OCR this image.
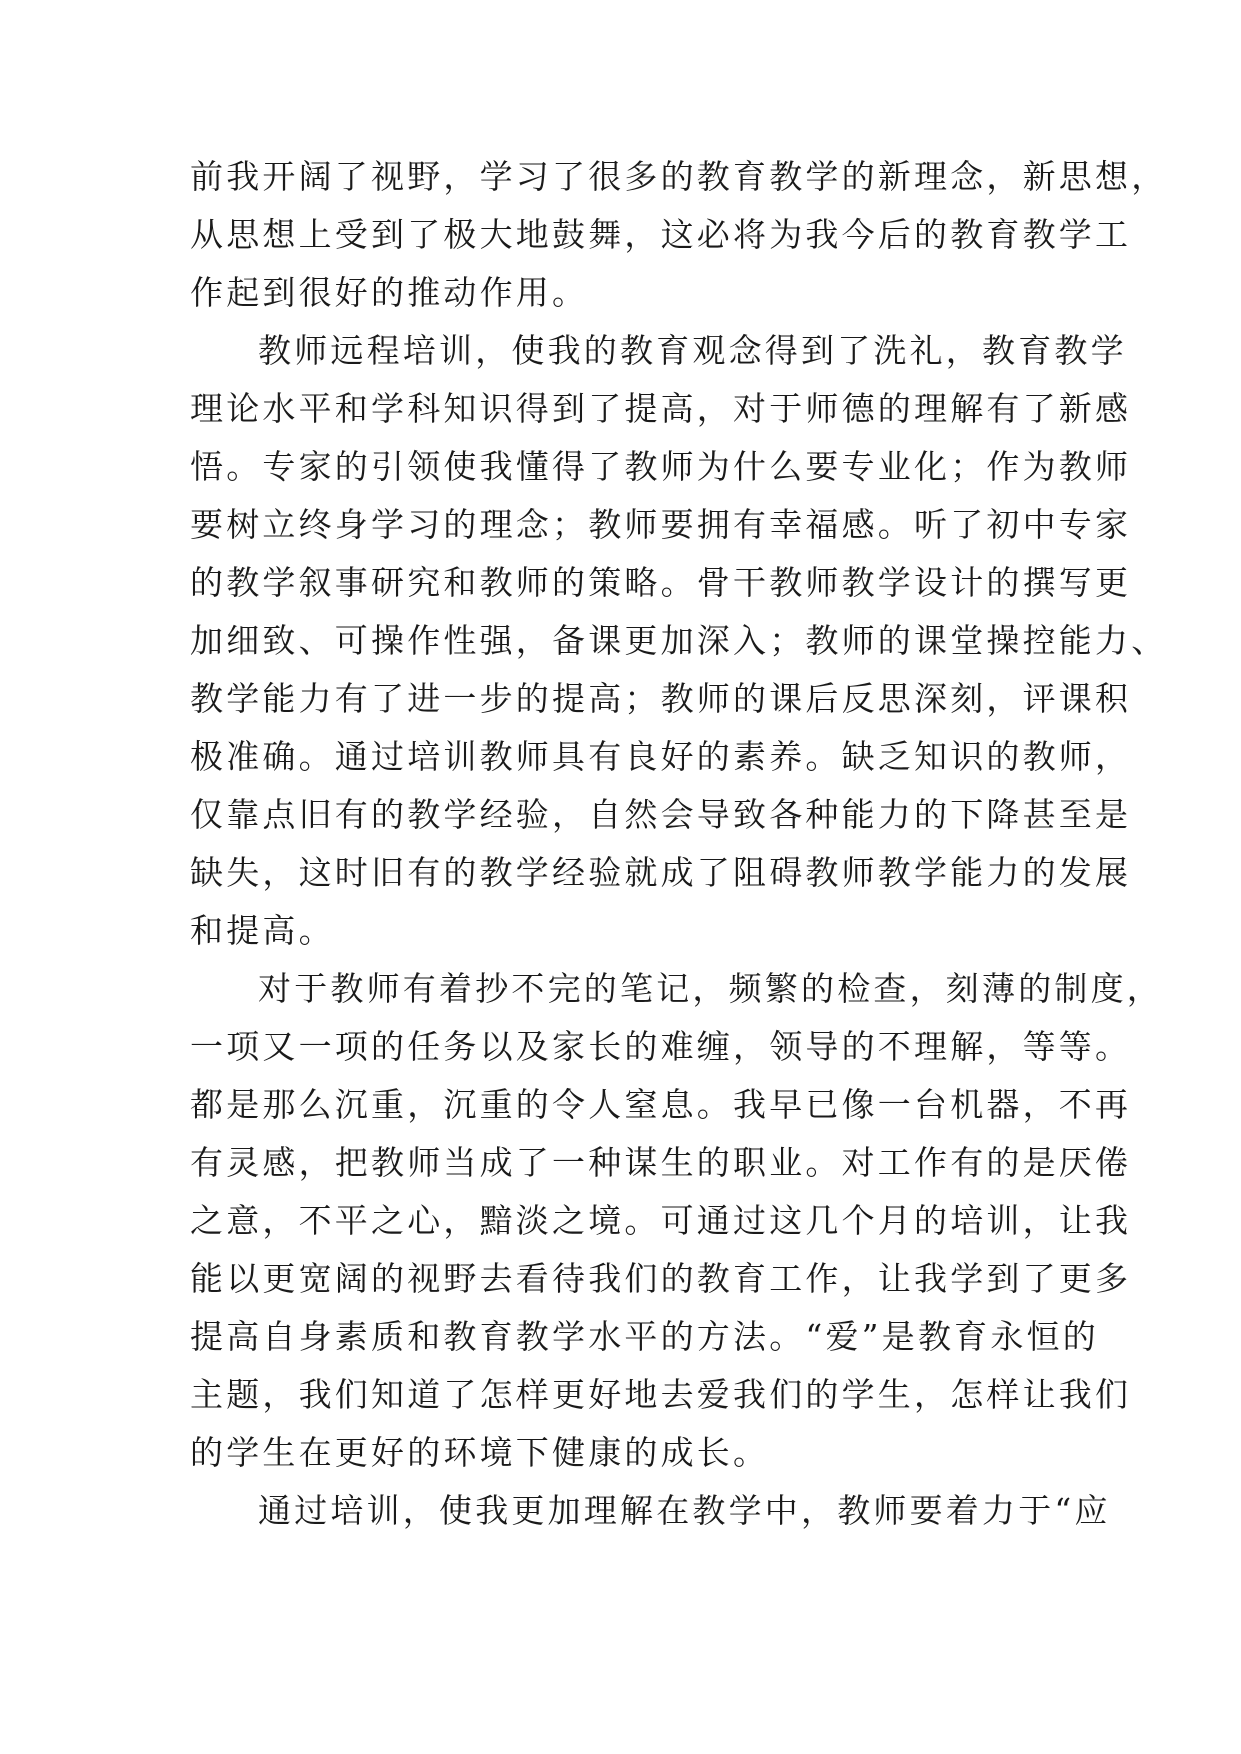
前我开阔了视野，学习了很多的教育教学的新理念，新思想，
从思想上受到了极大地鼓舞，这必将为我今后的教育教学工
作起到很好的推动作用。
教师远程培训，使我的教育观念得到了洗礼，教育教学
理论水平和学科知识得到了提高，对于师德的理解有了新感
悟。专家的引领使我懂得了教师为什么要专业化；作为教师
要树立终身学习的理念；教师要拥有幸福感。听了初中专家
的教学叙事研究和教师的策略。骨干教师教学设计的撰写更
加细致、可操作性强，备课更加深入；教师的课堂操控能力、
教学能力有了进一步的提高；教师的课后反思深刻，评课积
极准确。通过培训教师具有良好的素养。缺乏知识的教师，
仅靠点旧有的教学经验，自然会导致各种能力的下降甚至是
缺失，这时旧有的教学经验就成了阻碍教师教学能力的发展
和提高。
对于教师有着抄不完的笔记，频繁的检查，刻薄的制度，
一项又一项的任务以及家长的难缠，领导的不理解，等等。
都是那么沉重，沉重的令人窒息。我早已像一台机器，不再
有灵感，把教师当成了一种谋生的职业。对工作有的是厌倦
之意，不平之心，黯淡之境。可通过这几个月的培训，让我
能以更宽阔的视野去看待我们的教育工作，让我学到了更多
提高自身素质和教育教学水平的方法。“爱”是教育永恒的
主题，我们知道了怎样更好地去爱我们的学生，怎样让我们
的学生在更好的环境下健康的成长。
通过培训，使我更加理解在教学中，教师要着力于“应
